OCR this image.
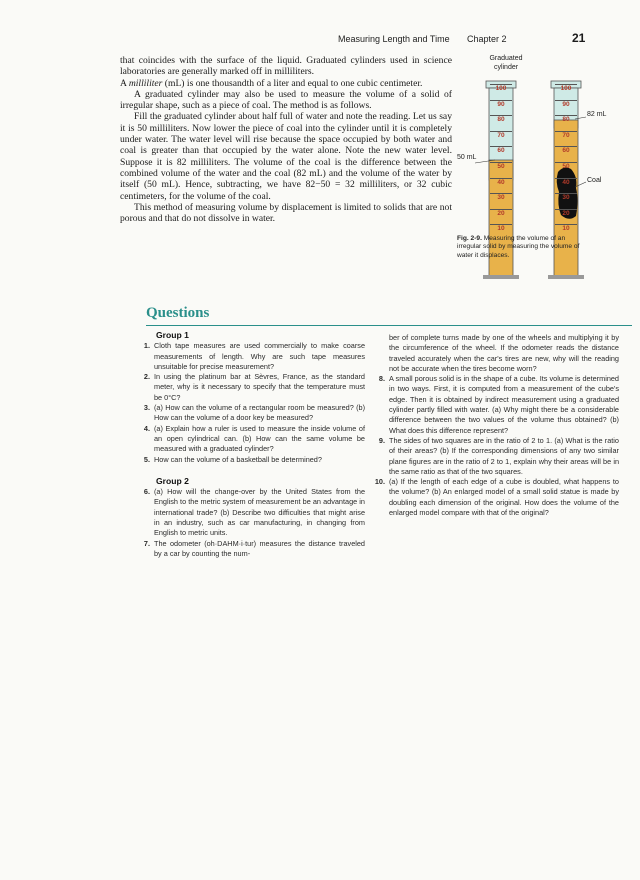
Measuring Length and Time Chapter 2	21

that coincides with the surface of the liquid. Graduated cylinders used in science laboratories are generally marked off in milliliters.

A milliliter (mL) is one thousandth of a liter and equal to one cubic centimeter.

A graduated cylinder may also be used to measure the volume of a solid of irregular shape, such as a piece of coal. The method is as follows.

Fill the graduated cylinder about half full of water and note the reading. Let us say it is 50 milliliters. Now lower the piece of coal into the cylinder until it is completely under water. The water level will rise because the space occupied by both water and coal is greater than that occupied by the water alone. Note the new water level. Suppose it is 82 milliliters. The volume of the coal is the difference between the combined volume of the water and the coal (82 mL) and the volume of the water by itself (50 mL). Hence, subtracting, we have 82−50 = 32 milliliters, or 32 cubic centimeters, for the volume of the coal.

This method of measuring volume by displacement is limited to solids that are not porous and that do not dissolve in water.

Graduated cylinder
50 mL
82 mL
Coal
100
90
80
70
60
50
40
30
20
10
100
90
80
70
60
50
40
30
20
10
Fig. 2-9. Measuring the volume of an irregular solid by measuring the volume of water it displaces.
Questions
Group 1
1. Cloth tape measures are used commercially to make coarse measurements of length. Why are such tape measures unsuitable for precise measurement?
2. In using the platinum bar at Sèvres, France, as the standard meter, why is it necessary to specify that the temperature must be 0°C?
3. (a) How can the volume of a rectangular room be measured? (b) How can the volume of a door key be measured?
4. (a) Explain how a ruler is used to measure the inside volume of an open cylindrical can. (b) How can the same volume be measured with a graduated cylinder?
5. How can the volume of a basketball be determined?
Group 2
6. (a) How will the change-over by the United States from the English to the metric system of measurement be an advantage in international trade? (b) Describe two difficulties that might arise in an industry, such as car manufacturing, in changing from English to metric units.
7. The odometer (oh·DAHM·i·tur) measures the distance traveled by a car by counting the num-
ber of complete turns made by one of the wheels and multiplying it by the circumference of the wheel. If the odometer reads the distance traveled accurately when the car's tires are new, why will the reading not be accurate when the tires become worn?
8. A small porous solid is in the shape of a cube. Its volume is determined in two ways. First, it is computed from a measurement of the cube's edge. Then it is obtained by indirect measurement using a graduated cylinder partly filled with water. (a) Why might there be a considerable difference between the two values of the volume thus obtained? (b) What does this difference represent?
9. The sides of two squares are in the ratio of 2 to 1. (a) What is the ratio of their areas? (b) If the corresponding dimensions of any two similar plane figures are in the ratio of 2 to 1, explain why their areas will be in the same ratio as that of the two squares.
10. (a) If the length of each edge of a cube is doubled, what happens to the volume? (b) An enlarged model of a small solid statue is made by doubling each dimension of the original. How does the volume of the enlarged model compare with that of the original?
